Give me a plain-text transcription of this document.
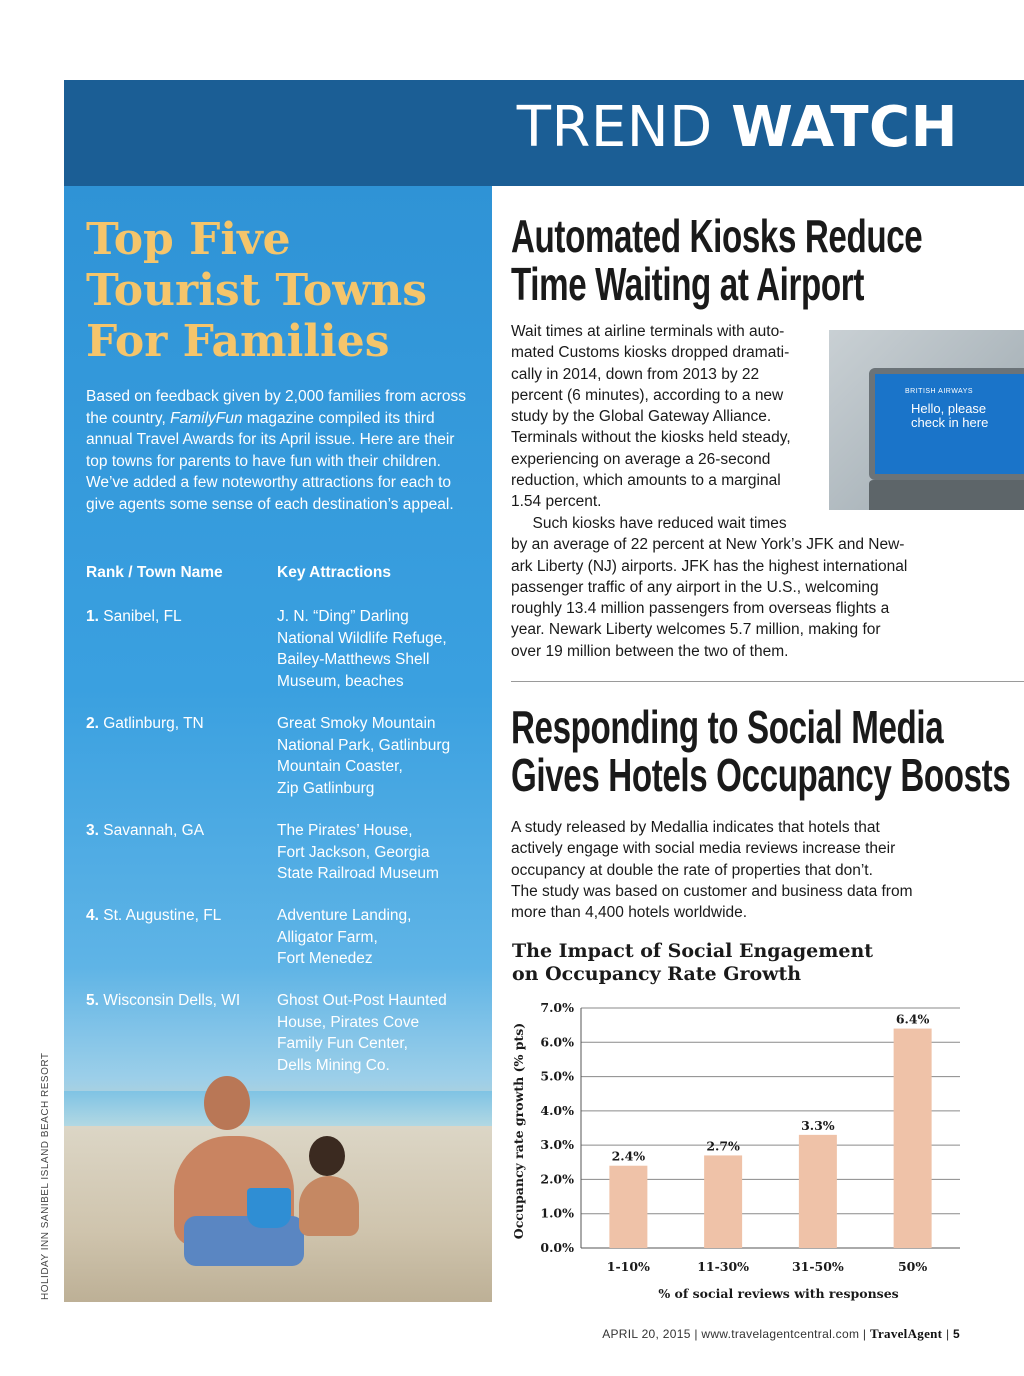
TREND WATCH
Top Five
Tourist Towns
For Families

Based on feedback given by 2,000 families from across the country, FamilyFun magazine compiled its third annual Travel Awards for its April issue. Here are their top towns for parents to have fun with their children. We’ve added a few noteworthy attractions for each to give agents some sense of each destination’s appeal.

Rank / Town Name	Key Attractions
1. Sanibel, FL	J. N. “Ding” Darling
National Wildlife Refuge,
Bailey-Matthews Shell
Museum, beaches
2. Gatlinburg, TN	Great Smoky Mountain
National Park, Gatlinburg
Mountain Coaster,
Zip Gatlinburg
3. Savannah, GA	The Pirates’ House,
Fort Jackson, Georgia
State Railroad Museum
4. St. Augustine, FL	Adventure Landing,
Alligator Farm,
Fort Menedez
5. Wisconsin Dells, WI	Ghost Out-Post Haunted
House, Pirates Cove
Family Fun Center,
Dells Mining Co.
HOLIDAY INN SANIBEL ISLAND BEACH RESORT
Automated Kiosks Reduce
Time Waiting at Airport
Wait times at airline terminals with auto-
mated Customs kiosks dropped dramati-
cally in 2014, down from 2013 by 22
percent (6 minutes), according to a new
study by the Global Gateway Alliance.
Terminals without the kiosks held steady,
experiencing on average a 26-second
reduction, which amounts to a marginal
1.54 percent.
Such kiosks have reduced wait times
by an average of 22 percent at New York’s JFK and New-
ark Liberty (NJ) airports. JFK has the highest international
passenger traffic of any airport in the U.S., welcoming
roughly 13.4 million passengers from overseas flights a
year. Newark Liberty welcomes 5.7 million, making for
over 19 million between the two of them.
BRITISH AIRWAYS
Hello, please check in here
Responding to Social Media
Gives Hotels Occupancy Boosts
A study released by Medallia indicates that hotels that
actively engage with social media reviews increase their
occupancy at double the rate of properties that don’t.
The study was based on customer and business data from
more than 4,400 hotels worldwide.
The Impact of Social Engagement
on Occupancy Rate Growth
0.0%
1.0%
2.0%
3.0%
4.0%
5.0%
6.0%
7.0%
2.4%
1-10%
2.7%
11-30%
3.3%
31-50%
6.4%
50%
% of social reviews with responses
Occupancy rate growth (% pts)
APRIL 20, 2015 | www.travelagentcentral.com | TravelAgent | 5
